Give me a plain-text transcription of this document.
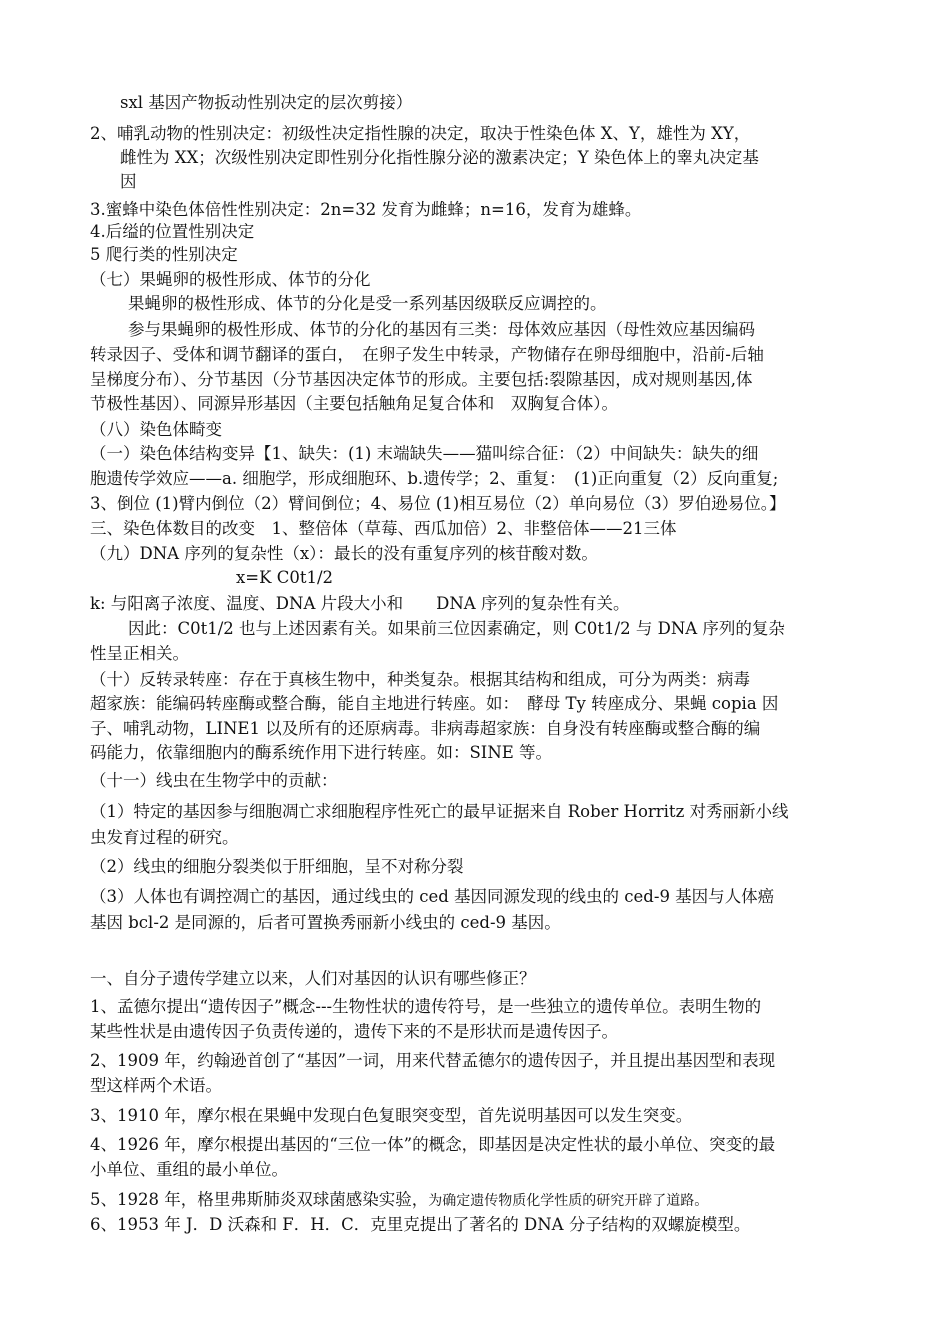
sxl 基因产物扳动性别决定的层次剪接）
2、哺乳动物的性别决定：初级性决定指性腺的决定，取决于性染色体 X、Y，雄性为 XY，
雌性为 XX；次级性别决定即性别分化指性腺分泌的激素决定；Y 染色体上的睾丸决定基
因
3.蜜蜂中染色体倍性性别决定：2n=32 发育为雌蜂；n=16，发育为雄蜂。
4.后缢的位置性别决定
5 爬行类的性别决定
（七）果蝇卵的极性形成、体节的分化
果蝇卵的极性形成、体节的分化是受一系列基因级联反应调控的。
参与果蝇卵的极性形成、体节的分化的基因有三类：母体效应基因（母性效应基因编码
转录因子、受体和调节翻译的蛋白，　在卵子发生中转录，产物储存在卵母细胞中，沿前-后轴
呈梯度分布）、分节基因（分节基因决定体节的形成。主要包括:裂隙基因，成对规则基因,体
节极性基因）、同源异形基因（主要包括触角足复合体和　双胸复合体）。
（八）染色体畸变
（一）染色体结构变异【1、缺失：(1) 末端缺失——猫叫综合征：（2）中间缺失：缺失的细
胞遗传学效应——a. 细胞学，形成细胞环、b.遗传学；2、重复：　(1)正向重复（2）反向重复;
3、倒位 (1)臂内倒位（2）臂间倒位；4、易位 (1)相互易位（2）单向易位（3）罗伯逊易位。】
三、染色体数目的改变　1、整倍体（草莓、西瓜加倍）2、非整倍体——21三体
（九）DNA 序列的复杂性（x）：最长的没有重复序列的核苷酸对数。
x=K C0t1/2
k: 与阳离子浓度、温度、DNA 片段大小和　　DNA 序列的复杂性有关。
因此：C0t1/2 也与上述因素有关。如果前三位因素确定，则 C0t1/2 与 DNA 序列的复杂
性呈正相关。
（十）反转录转座：存在于真核生物中，种类复杂。根据其结构和组成，可分为两类：病毒
超家族：能编码转座酶或整合酶，能自主地进行转座。如：　酵母 Ty 转座成分、果蝇 copia 因
子、哺乳动物，LINE1 以及所有的还原病毒。非病毒超家族：自身没有转座酶或整合酶的编
码能力，依靠细胞内的酶系统作用下进行转座。如：SINE 等。
（十一）线虫在生物学中的贡献：
（1）特定的基因参与细胞凋亡求细胞程序性死亡的最早证据来自 Rober Horritz 对秀丽新小线
虫发育过程的研究。
（2）线虫的细胞分裂类似于肝细胞，呈不对称分裂
（3）人体也有调控凋亡的基因，通过线虫的 ced 基因同源发现的线虫的 ced-9 基因与人体癌
基因 bcl-2 是同源的，后者可置换秀丽新小线虫的 ced-9 基因。
一、自分子遗传学建立以来，人们对基因的认识有哪些修正？
1、孟德尔提出“遗传因子”概念---生物性状的遗传符号，是一些独立的遗传单位。表明生物的
某些性状是由遗传因子负责传递的，遗传下来的不是形状而是遗传因子。
2、1909 年，约翰逊首创了“基因”一词，用来代替孟德尔的遗传因子，并且提出基因型和表现
型这样两个术语。
3、1910 年，摩尔根在果蝇中发现白色复眼突变型，首先说明基因可以发生突变。
4、1926 年，摩尔根提出基因的“三位一体”的概念，即基因是决定性状的最小单位、突变的最
小单位、重组的最小单位。
5、1928 年，格里弗斯肺炎双球菌感染实验，为确定遗传物质化学性质的研究开辟了道路。
6、1953 年 J．D 沃森和 F．H．C．克里克提出了著名的 DNA 分子结构的双螺旋模型。
